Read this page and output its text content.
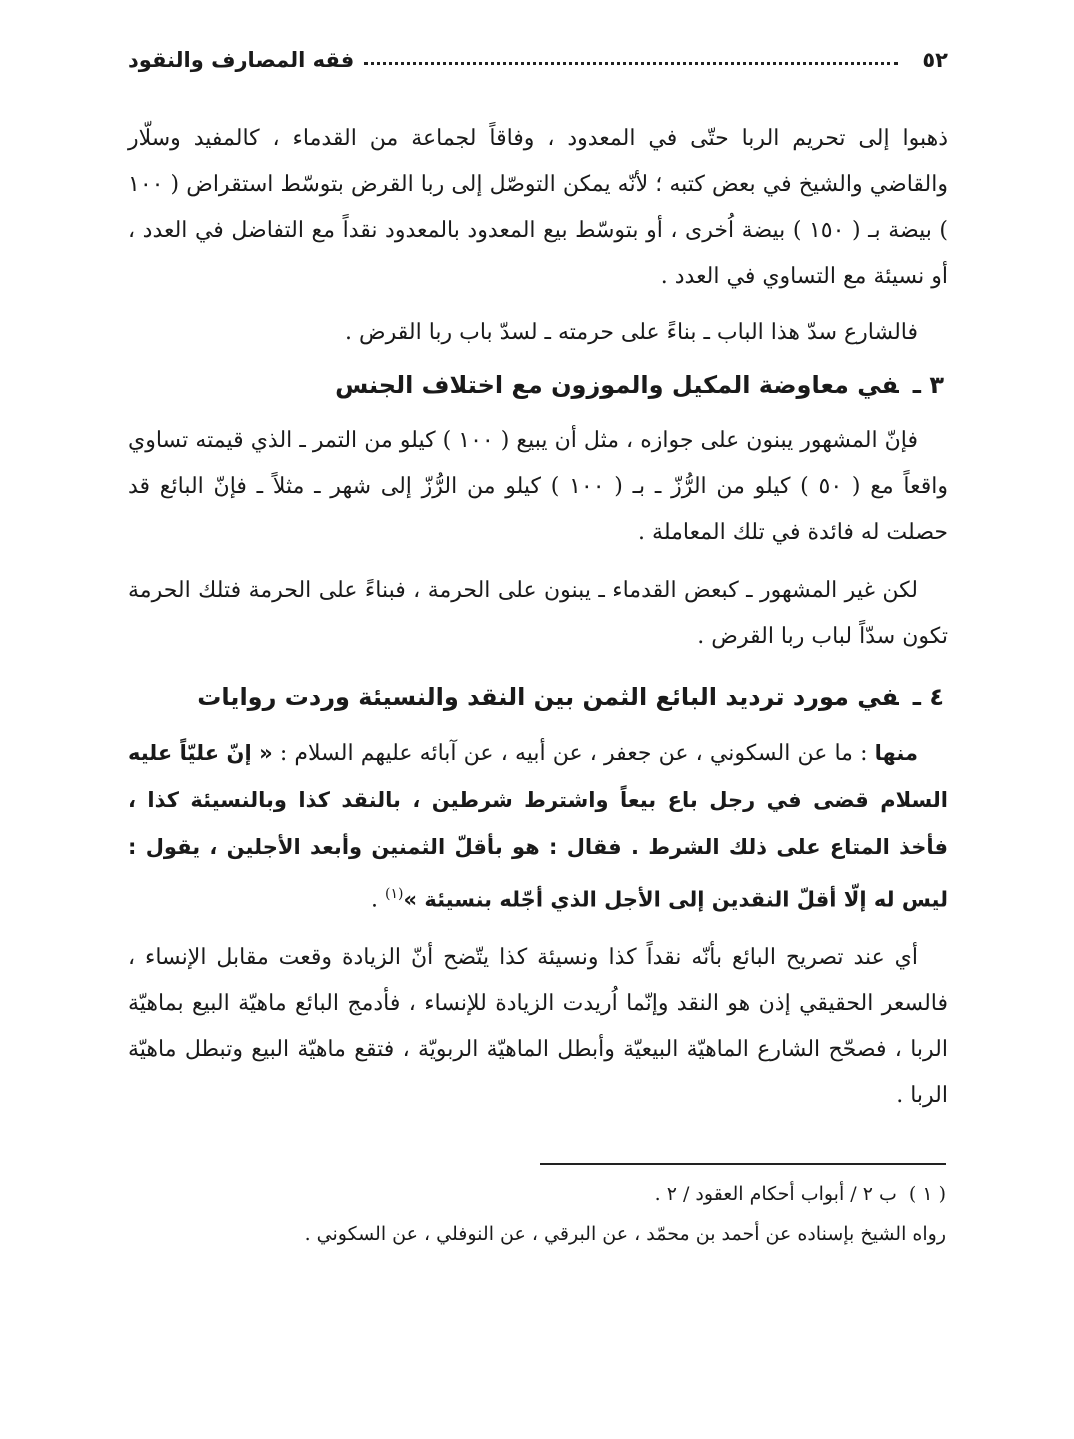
٥٢
فقه المصارف والنقود

ذهبوا إلى تحريم الربا حتّى في المعدود ، وفاقاً لجماعة من القدماء ، كالمفيد وسلّار والقاضي والشيخ في بعض كتبه ؛ لأنّه يمكن التوصّل إلى ربا القرض بتوسّط استقراض ( ١٠٠ ) بيضة بـ ( ١٥٠ ) بيضة اُخرى ، أو بتوسّط بيع المعدود بالمعدود نقداً مع التفاضل في العدد ، أو نسيئة مع التساوي في العدد .

فالشارع سدّ هذا الباب ـ بناءً على حرمته ـ لسدّ باب ربا القرض .

٣ ـفي معاوضة المكيل والموزون مع اختلاف الجنس

فإنّ المشهور يبنون على جوازه ، مثل أن يبيع ( ١٠٠ ) كيلو من التمر ـ الذي قيمته تساوي واقعاً مع ( ٥٠ ) كيلو من الرُّزّ ـ بـ ( ١٠٠ ) كيلو من الرُّزّ إلى شهر ـ مثلاً ـ فإنّ البائع قد حصلت له فائدة في تلك المعاملة .

لكن غير المشهور ـ كبعض القدماء ـ يبنون على الحرمة ، فبناءً على الحرمة فتلك الحرمة تكون سدّاً لباب ربا القرض .

٤ ـفي مورد ترديد البائع الثمن بين النقد والنسيئة وردت روايات

منها : ما عن السكوني ، عن جعفر ، عن أبيه ، عن آبائه عليهم السلام : « إنّ عليّاً عليه السلام قضى في رجل باع بيعاً واشترط شرطين ، بالنقد كذا وبالنسيئة كذا ، فأخذ المتاع على ذلك الشرط . فقال : هو بأقلّ الثمنين وأبعد الأجلين ، يقول : ليس له إلّا أقلّ النقدين إلى الأجل الذي أجّله بنسيئة »$^{(١)}$ .

أي عند تصريح البائع بأنّه نقداً كذا ونسيئة كذا يتّضح أنّ الزيادة وقعت مقابل الإنساء ، فالسعر الحقيقي إذن هو النقد وإنّما اُريدت الزيادة للإنساء ، فأدمج البائع ماهيّة البيع بماهيّة الربا ، فصحّح الشارع الماهيّة البيعيّة وأبطل الماهيّة الربويّة ، فتقع ماهيّة البيع وتبطل ماهيّة الربا .

( ١ )ب ٢ / أبواب أحكام العقود / ٢ .

رواه الشيخ بإسناده عن أحمد بن محمّد ، عن البرقي ، عن النوفلي ، عن السكوني .
